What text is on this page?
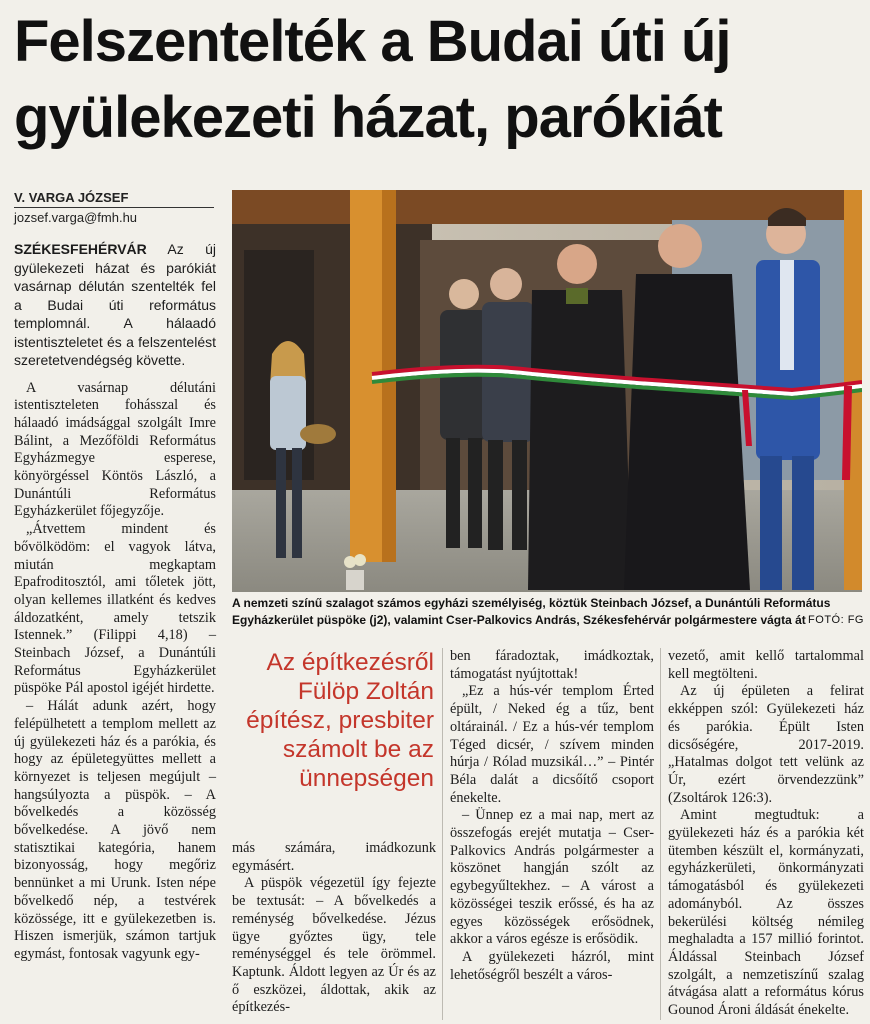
Felszentelték a Budai úti új
gyülekezeti házat, parókiát
V. VARGA JÓZSEF
jozsef.varga@fmh.hu

SZÉKESFEHÉRVÁR Az új gyülekezeti házat és parókiát vasárnap délután szentelték fel a Budai úti református templomnál. A hálaadó istentiszteletet és a felszentelést szeretetvendégség követte.

A vasárnap délutáni istentiszteleten fohásszal és hálaadó imádsággal szolgált Imre Bálint, a Mezőföldi Református Egyházmegye esperese, könyörgéssel Köntös László, a Dunántúli Református Egyházkerület főjegyzője.

„Átvettem mindent és bővölködöm: el vagyok látva, miután megkaptam Epafroditosztól, ami tőletek jött, olyan kellemes illatként és kedves áldozatként, amely tetszik Istennek.” (Filippi 4,18) – Steinbach József, a Dunántúli Református Egyházkerület püspöke Pál apostol igéjét hirdette.

– Hálát adunk azért, hogy felépülhetett a templom mellett az új gyülekezeti ház és a parókia, és hogy az épületegyüttes mellett a környezet is teljesen megújult – hangsúlyozta a püspök. – A bővelkedés a közösség bővelkedése. A jövő nem statisztikai kategória, hanem bizonyosság, hogy megőriz bennünket a mi Urunk. Isten népe bővelkedő nép, a testvérek közössége, itt e gyülekezetben is. Hiszen ismerjük, számon tartjuk egymást, fontosak vagyunk egy-

A nemzeti színű szalagot számos egyházi személyiség, köztük Steinbach József, a Dunántúli Református Egyházkerület püspöke (j2), valamint Cser-Palkovics András, Székesfehérvár polgármestere vágta át FOTÓ: FG
Az építkezésről Fülöp Zoltán építész, presbiter számolt be az ünnepségen

más számára, imádkozunk egymásért.

A püspök végezetül így fejezte be textusát: – A bővelkedés a reménység bővelkedése. Jézus ügye győztes ügy, tele reménységgel és tele örömmel. Kaptunk. Áldott legyen az Úr és az ő eszközei, áldottak, akik az építkezés-

ben fáradoztak, imádkoztak, támogatást nyújtottak!

„Ez a hús-vér templom Érted épült, / Neked ég a tűz, bent oltárainál. / Ez a hús-vér templom Téged dicsér, / szívem minden húrja / Rólad muzsikál…” – Pintér Béla dalát a dicsőítő csoport énekelte.

– Ünnep ez a mai nap, mert az összefogás erejét mutatja – Cser-Palkovics András polgármester a köszönet hangján szólt az egybegyűltekhez. – A várost a közösségei teszik erőssé, és ha az egyes közösségek erősödnek, akkor a város egésze is erősödik.

A gyülekezeti házról, mint lehetőségről beszélt a város-

vezető, amit kellő tartalommal kell megtölteni.

Az új épületen a felirat ekképpen szól: Gyülekezeti ház és parókia. Épült Isten dicsőségére, 2017-2019. „Hatalmas dolgot tett velünk az Úr, ezért örvendezzünk” (Zsoltárok 126:3).

Amint megtudtuk: a gyülekezeti ház és a parókia két ütemben készült el, kormányzati, egyházkerületi, önkormányzati támogatásból és gyülekezeti adományból. Az összes bekerülési költség némileg meghaladta a 157 millió forintot. Áldással Steinbach József szolgált, a nemzetiszínű szalag átvágása alatt a református kórus Gounod Ároni áldását énekelte.
